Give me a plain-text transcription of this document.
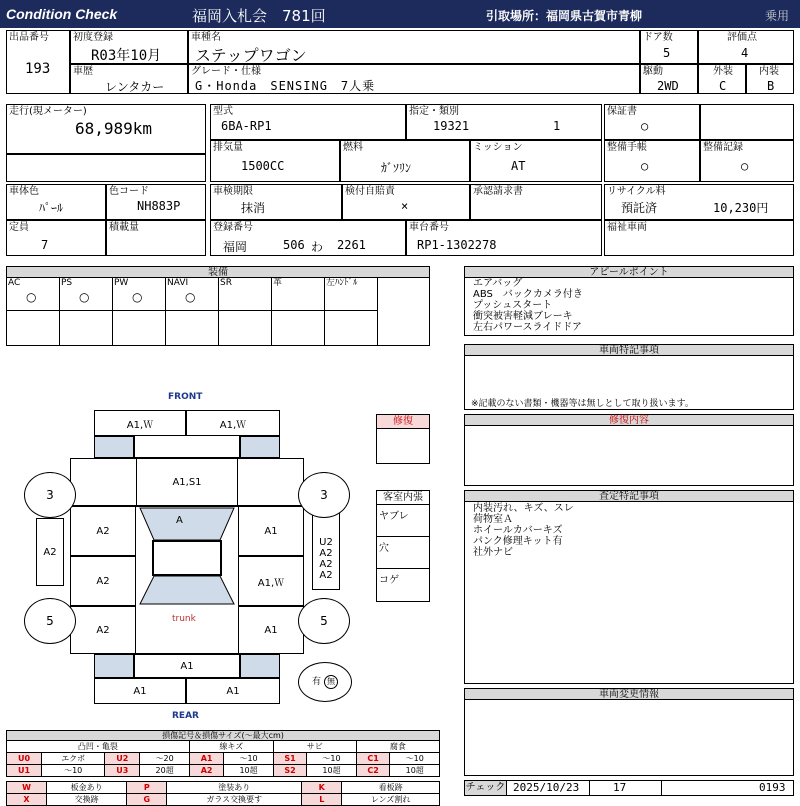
Condition Check	福岡入札会　781回	引取場所：福岡県古賀市青柳	乗用
出品番号
193
初度登録
R03年10月
車歴
レンタカー
車種名
ステップワゴン
グレード・仕様
G・Honda　SENSING　7人乗
ドア数
5
評価点
4
駆動
2WD
外装
C
内装
B
走行(現メーター)
68,989km
型式
6BA-RP1
指定・類別
19321	1
排気量
1500CC
燃料
ｶﾞｿﾘﾝ
ミッション
AT
保証書
○
整備手帳
○
整備記録
○
車体色
ﾊﾟｰﾙ
色コード
NH883P
定員
7
積載量
車検期限
抹消
検付自賠責
×
承認請求書
登録番号
福岡	506 わ 2261
車台番号
RP1-1302278
リサイクル料
預託済	10,230円
福祉車両
装備
AC
○
PS
○
PW
○
NAVI
○
SR	革	左ﾊﾝﾄﾞﾙ
アピールポイント
エアバッグ
ABS　バックカメラ付き
プッシュスタート
衝突被害軽減ブレーキ
左右パワースライドドア
車両特記事項
※記載のない書類・機器等は無しとして取り扱います。
修復内容
査定特記事項
内装汚れ、キズ、スレ
荷物室Ａ
ホイールカバーキズ
パンク修理キット有
社外ナビ
車両変更情報
チェック 2025/10/23	17	0193
FRONT
REAR
A1,Ｗ	A1,Ｗ
A1,S1
A2
A2
A2
A1
A1,Ｗ
A1
A
trunk
A1
A1	A1
A2
U2
A2
A2
A2
3	3
5	5
有 無
修復
客室内張
ヤブレ
穴
コゲ
損傷記号＆損傷サイズ(～最大cm)
凸凹・亀裂				線キズ		サビ		腐食	
U0	エクボ	U2	～20	A1	～10	S1	～10	C1	～10
U1	～10	U3	20超	A2	10超	S2	10超	C2	10超
W	板金あり	P	塗装あり	K	看板跡
X	交換跡	G	ガラス交換要す	L	レンズ割れ
